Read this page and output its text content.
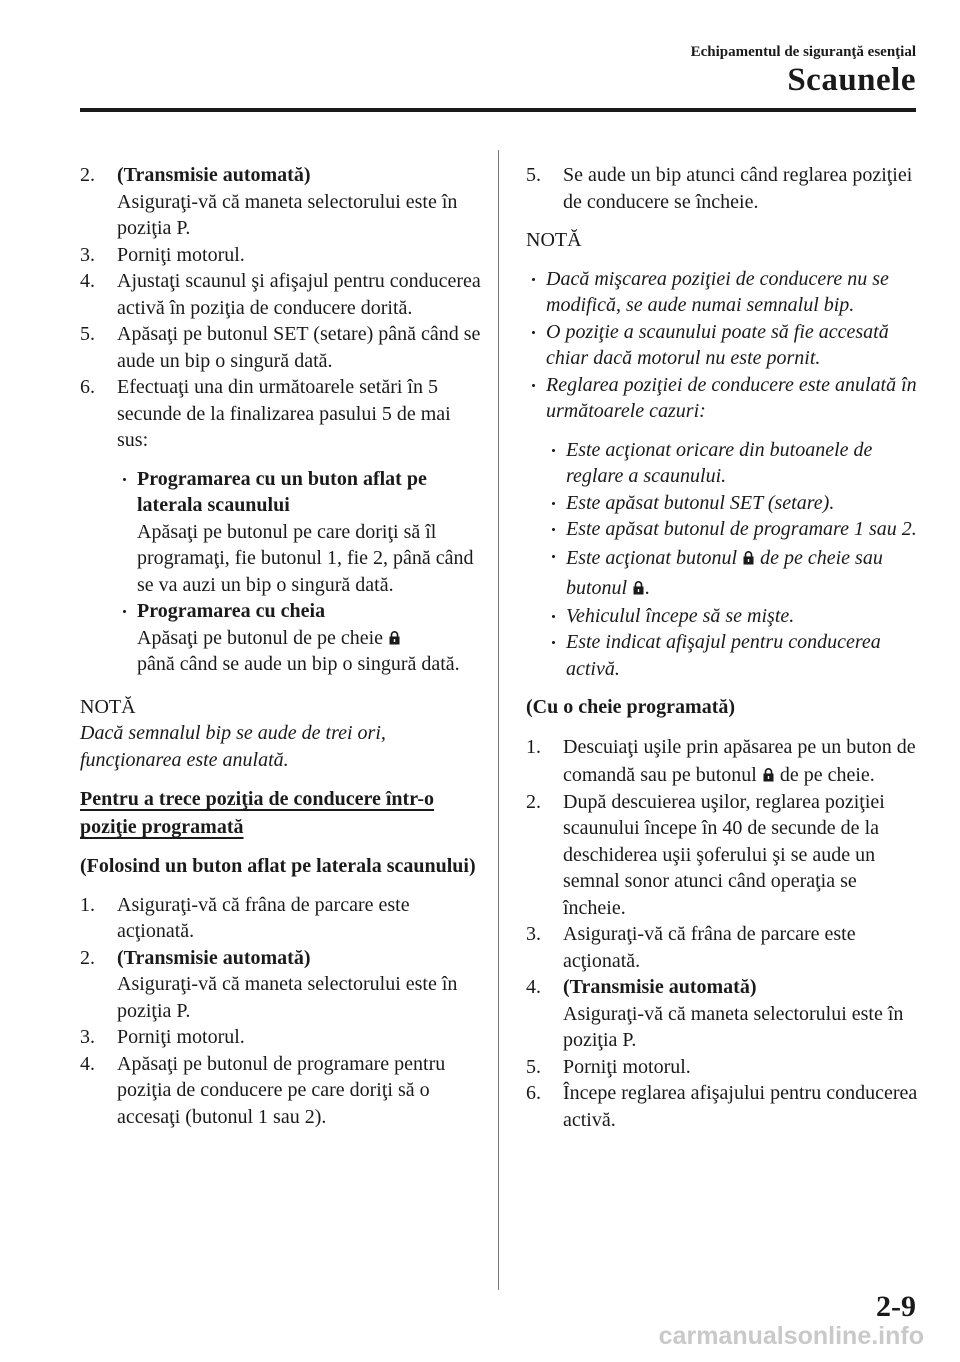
Echipamentul de siguranţă esenţial
Scaunele
2.	(Transmisie automată)
Asiguraţi-vă că maneta selectorului este în poziţia P.
3.	Porniţi motorul.
4.	Ajustaţi scaunul şi afişajul pentru conducerea activă în poziţia de conducere dorită.
5.	Apăsaţi pe butonul SET (setare) până când se aude un bip o singură dată.
6.	Efectuaţi una din următoarele setări în 5 secunde de la finalizarea pasului 5 de mai sus:
Programarea cu un buton aflat pe laterala scaunului
Apăsaţi pe butonul pe care doriţi să îl programaţi, fie butonul 1, fie 2, până când se va auzi un bip o singură dată.
Programarea cu cheia
Apăsaţi pe butonul de pe cheie
până când se aude un bip o singură dată.
NOTĂ
Dacă semnalul bip se aude de trei ori, funcţionarea este anulată.
Pentru a trece poziţia de conducere într-o poziţie programată
(Folosind un buton aflat pe laterala scaunului)
1.	Asiguraţi-vă că frâna de parcare este acţionată.
2.	(Transmisie automată)
Asiguraţi-vă că maneta selectorului este în poziţia P.
3.	Porniţi motorul.
4.	Apăsaţi pe butonul de programare pentru poziţia de conducere pe care doriţi să o accesaţi (butonul 1 sau 2).
5.	Se aude un bip atunci când reglarea poziţiei de conducere se încheie.
NOTĂ
Dacă mişcarea poziţiei de conducere nu se modifică, se aude numai semnalul bip.
O poziţie a scaunului poate să fie accesată chiar dacă motorul nu este pornit.
Reglarea poziţiei de conducere este anulată în următoarele cazuri:
Este acţionat oricare din butoanele de reglare a scaunului.
Este apăsat butonul SET (setare).
Este apăsat butonul de programare 1 sau 2.
Este acţionat butonul de pe cheie sau butonul .
Vehiculul începe să se mişte.
Este indicat afişajul pentru conducerea activă.
(Cu o cheie programată)
1.	Descuiaţi uşile prin apăsarea pe un buton de comandă sau pe butonul de pe cheie.
2.	După descuierea uşilor, reglarea poziţiei scaunului începe în 40 de secunde de la deschiderea uşii şoferului şi se aude un semnal sonor atunci când operaţia se încheie.
3.	Asiguraţi-vă că frâna de parcare este acţionată.
4.	(Transmisie automată)
Asiguraţi-vă că maneta selectorului este în poziţia P.
5.	Porniţi motorul.
6.	Începe reglarea afişajului pentru conducerea activă.
2-9
carmanualsonline.info
